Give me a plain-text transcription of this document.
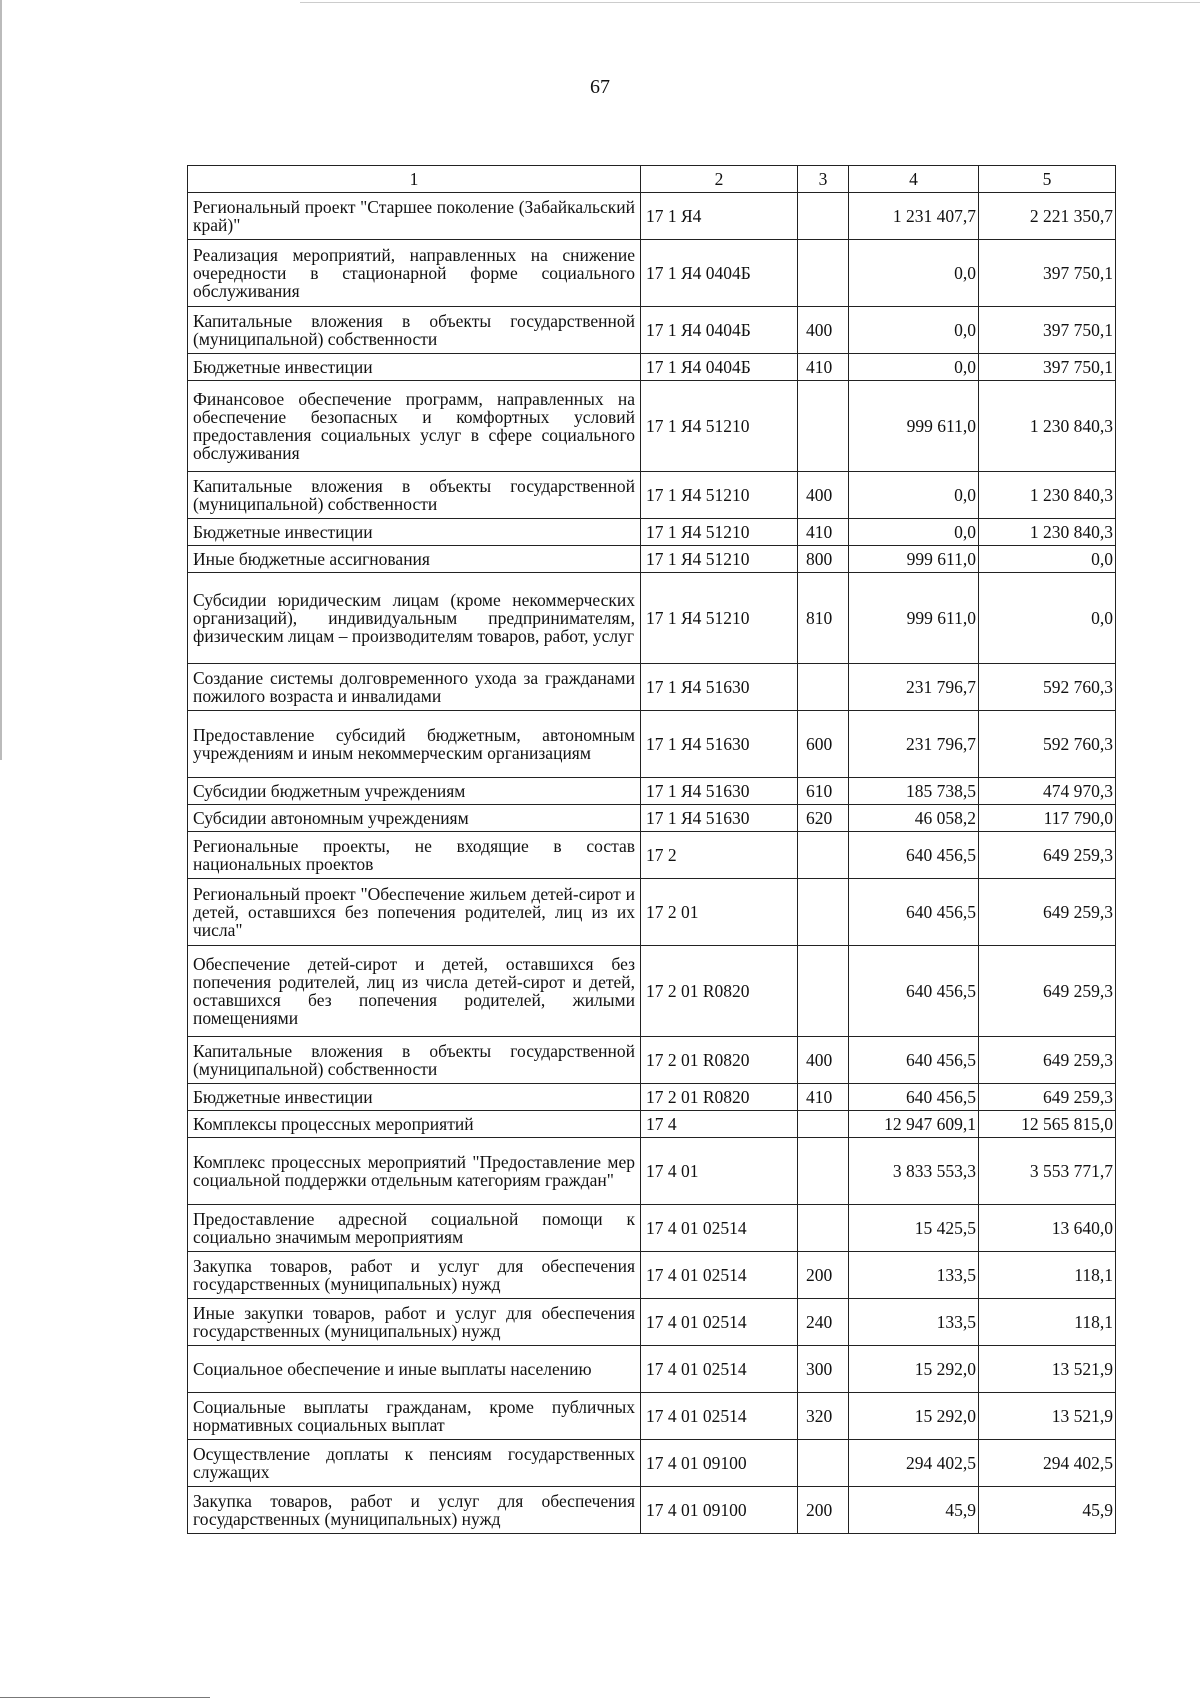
67
1	2	3	4	5
Региональный проект "Старшее поколение (Забайкальский край)"	17 1 Я4		1 231 407,7	2 221 350,7
Реализация мероприятий, направленных на снижение очередности в стационарной форме социального обслуживания	17 1 Я4 0404Б		0,0	397 750,1
Капитальные вложения в объекты государственной (муниципальной) собственности	17 1 Я4 0404Б	400	0,0	397 750,1
Бюджетные инвестиции	17 1 Я4 0404Б	410	0,0	397 750,1
Финансовое обеспечение программ, направленных на обеспечение безопасных и комфортных условий предоставления социальных услуг в сфере социального обслуживания	17 1 Я4 51210		999 611,0	1 230 840,3
Капитальные вложения в объекты государственной (муниципальной) собственности	17 1 Я4 51210	400	0,0	1 230 840,3
Бюджетные инвестиции	17 1 Я4 51210	410	0,0	1 230 840,3
Иные бюджетные ассигнования	17 1 Я4 51210	800	999 611,0	0,0
Субсидии юридическим лицам (кроме некоммерческих организаций), индивидуальным предпринимателям, физическим лицам – производителям товаров, работ, услуг	17 1 Я4 51210	810	999 611,0	0,0
Создание системы долговременного ухода за гражданами пожилого возраста и инвалидами	17 1 Я4 51630		231 796,7	592 760,3
Предоставление субсидий бюджетным, автономным учреждениям и иным некоммерческим организациям	17 1 Я4 51630	600	231 796,7	592 760,3
Субсидии бюджетным учреждениям	17 1 Я4 51630	610	185 738,5	474 970,3
Субсидии автономным учреждениям	17 1 Я4 51630	620	46 058,2	117 790,0
Региональные проекты, не входящие в состав национальных проектов	17 2		640 456,5	649 259,3
Региональный проект "Обеспечение жильем детей-сирот и детей, оставшихся без попечения родителей, лиц из их числа"	17 2 01		640 456,5	649 259,3
Обеспечение детей-сирот и детей, оставшихся без попечения родителей, лиц из числа детей-сирот и детей, оставшихся без попечения родителей, жилыми помещениями	17 2 01 R0820		640 456,5	649 259,3
Капитальные вложения в объекты государственной (муниципальной) собственности	17 2 01 R0820	400	640 456,5	649 259,3
Бюджетные инвестиции	17 2 01 R0820	410	640 456,5	649 259,3
Комплексы процессных мероприятий	17 4		12 947 609,1	12 565 815,0
Комплекс процессных мероприятий "Предоставление мер социальной поддержки отдельным категориям граждан"	17 4 01		3 833 553,3	3 553 771,7
Предоставление адресной социальной помощи к социально значимым мероприятиям	17 4 01 02514		15 425,5	13 640,0
Закупка товаров, работ и услуг для обеспечения государственных (муниципальных) нужд	17 4 01 02514	200	133,5	118,1
Иные закупки товаров, работ и услуг для обеспечения государственных (муниципальных) нужд	17 4 01 02514	240	133,5	118,1
Социальное обеспечение и иные выплаты населению	17 4 01 02514	300	15 292,0	13 521,9
Социальные выплаты гражданам, кроме публичных нормативных социальных выплат	17 4 01 02514	320	15 292,0	13 521,9
Осуществление доплаты к пенсиям государственных служащих	17 4 01 09100		294 402,5	294 402,5
Закупка товаров, работ и услуг для обеспечения государственных (муниципальных) нужд	17 4 01 09100	200	45,9	45,9
